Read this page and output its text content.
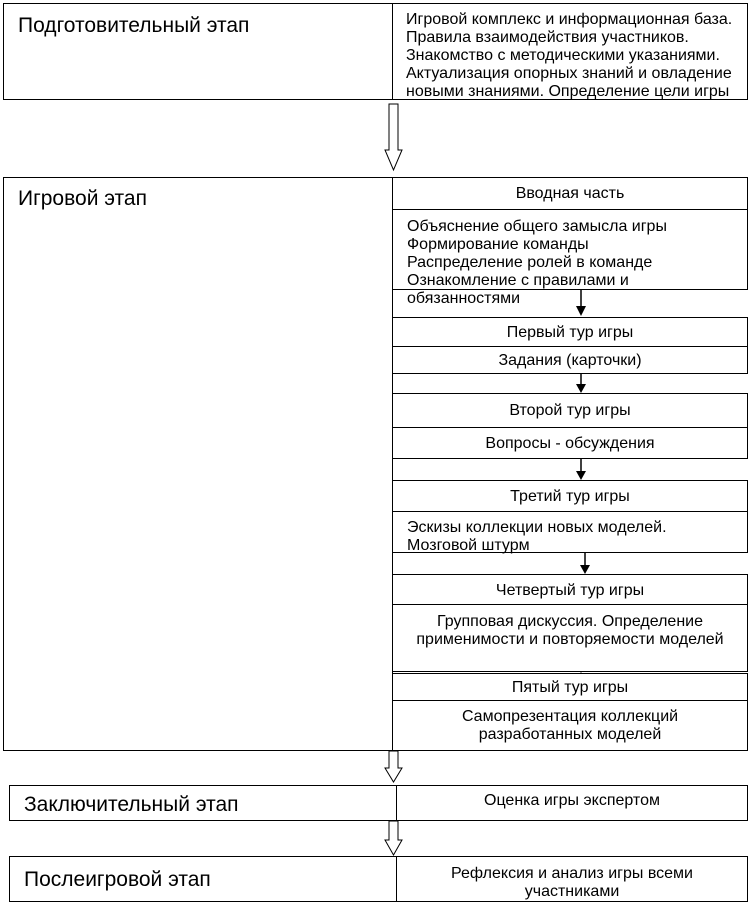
Подготовительный этап	Игровой комплекс и информационная база. Правила взаимодействия участников. Знакомство с методическими указаниями. Актуализация опорных знаний и овладение новыми знаниями. Определение цели игры
Игровой этап	Вводная часть
Объяснение общего замысла игры
Формирование команды
Распределение ролей в команде
Ознакомление с правилами и обязанностями
Первый тур игры
Задания (карточки)
Второй тур игры
Вопросы - обсуждения
Третий тур игры
Эскизы коллекции новых моделей. Мозговой штурм
Четвертый тур игры
Групповая дискуссия. Определение применимости и повторяемости моделей
Пятый тур игры
Самопрезентация коллекций разработанных моделей
Заключительный этап	Оценка игры экспертом
Послеигровой этап	Рефлексия и анализ игры всеми участниками
